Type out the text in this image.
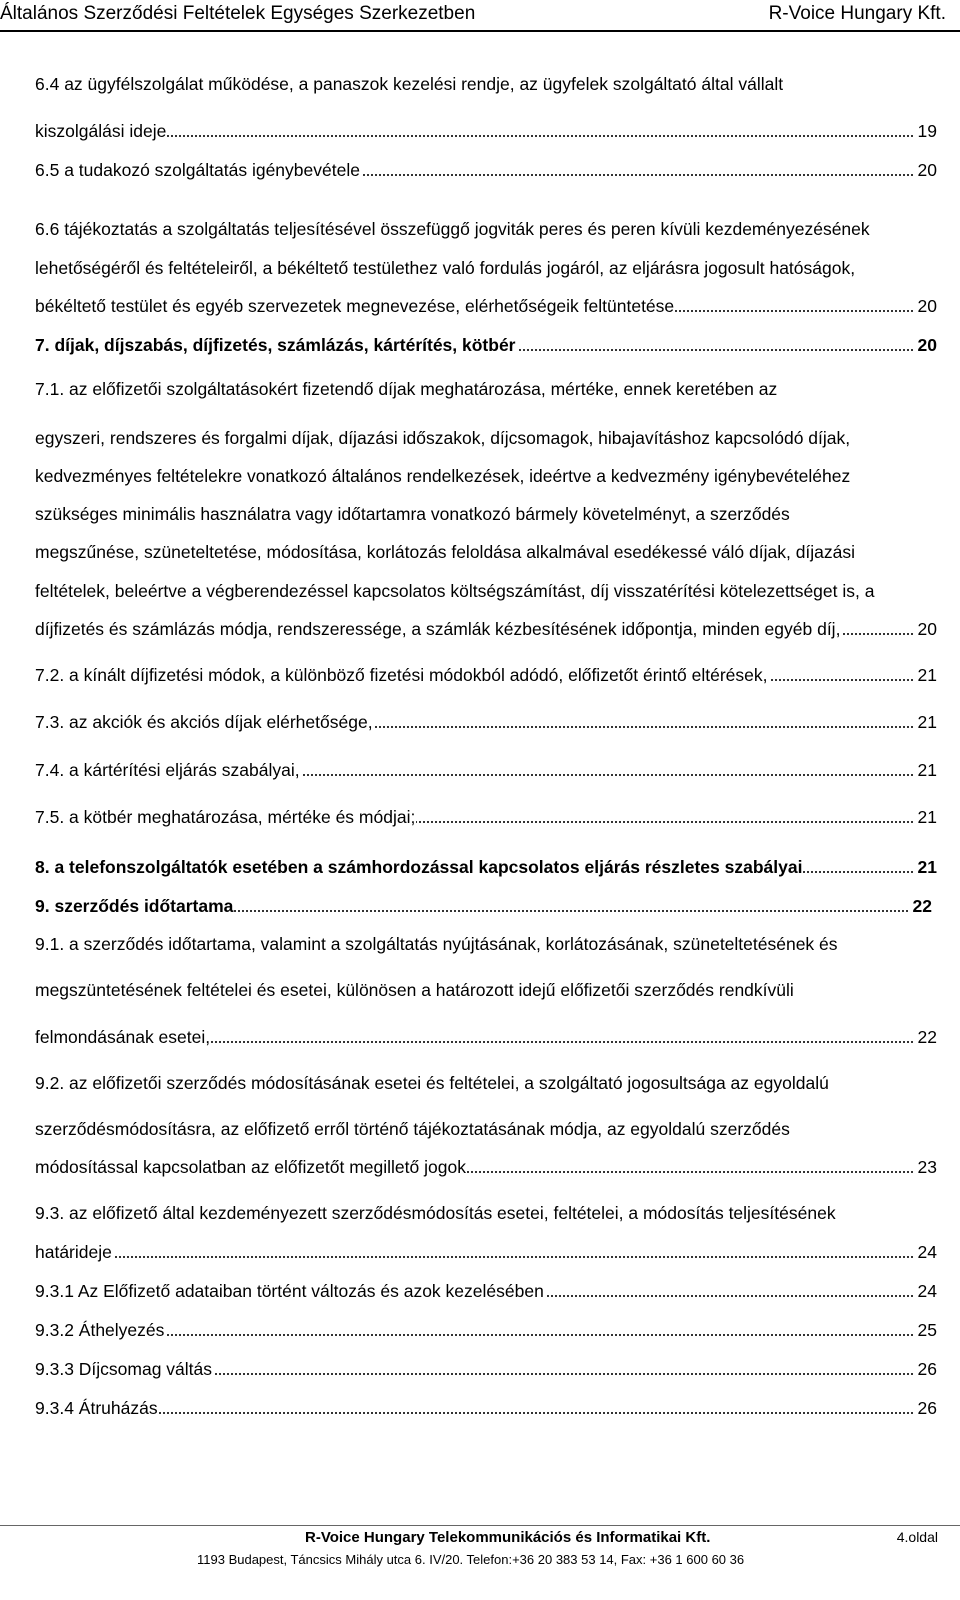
Általános Szerződési Feltételek Egységes Szerkezetben	R-Voice Hungary Kft.
6.4 az ügyfélszolgálat működése, a panaszok kezelési rendje, az ügyfelek szolgáltató által vállalt
kiszolgálási ideje	19
6.5 a tudakozó szolgáltatás igénybevétele	20
6.6 tájékoztatás a szolgáltatás teljesítésével összefüggő jogviták peres és peren kívüli kezdeményezésének
lehetőségéről és feltételeiről, a békéltető testülethez való fordulás jogáról, az eljárásra jogosult hatóságok,
békéltető testület és egyéb szervezetek megnevezése, elérhetőségeik feltüntetése	20
7. díjak, díjszabás, díjfizetés, számlázás, kártérítés, kötbér	20
7.1. az előfizetői szolgáltatásokért fizetendő díjak meghatározása, mértéke, ennek keretében az
egyszeri, rendszeres és forgalmi díjak, díjazási időszakok, díjcsomagok, hibajavításhoz kapcsolódó díjak,
kedvezményes feltételekre vonatkozó általános rendelkezések, ideértve a kedvezmény igénybevételéhez
szükséges minimális használatra vagy időtartamra vonatkozó bármely követelményt, a szerződés
megszűnése, szüneteltetése, módosítása, korlátozás feloldása alkalmával esedékessé váló díjak, díjazási
feltételek, beleértve a végberendezéssel kapcsolatos költségszámítást, díj visszatérítési kötelezettséget is, a
díjfizetés és számlázás módja, rendszeressége, a számlák kézbesítésének időpontja, minden egyéb díj,	20
7.2. a kínált díjfizetési módok, a különböző fizetési módokból adódó, előfizetőt érintő eltérések,	21
7.3. az akciók és akciós díjak elérhetősége,	21
7.4. a kártérítési eljárás szabályai,	21
7.5. a kötbér meghatározása, mértéke és módjai;	21
8. a telefonszolgáltatók esetében a számhordozással kapcsolatos eljárás részletes szabályai	21
9. szerződés időtartama	22
9.1. a szerződés időtartama, valamint a szolgáltatás nyújtásának, korlátozásának, szüneteltetésének és
megszüntetésének feltételei és esetei, különösen a határozott idejű előfizetői szerződés rendkívüli
felmondásának esetei,	22
9.2. az előfizetői szerződés módosításának esetei és feltételei, a szolgáltató jogosultsága az egyoldalú
szerződésmódosításra, az előfizető erről történő tájékoztatásának módja, az egyoldalú szerződés
módosítással kapcsolatban az előfizetőt megillető jogok	23
9.3. az előfizető által kezdeményezett szerződésmódosítás esetei, feltételei, a módosítás teljesítésének
határideje	24
9.3.1 Az Előfizető adataiban történt változás és azok kezelésében	24
9.3.2 Áthelyezés	25
9.3.3 Díjcsomag váltás	26
9.3.4 Átruházás	26
R-Voice Hungary Telekommunikációs és Informatikai Kft.	4.oldal
1193 Budapest, Táncsics Mihály utca 6. IV/20. Telefon:+36 20 383 53 14, Fax: +36 1 600 60 36
